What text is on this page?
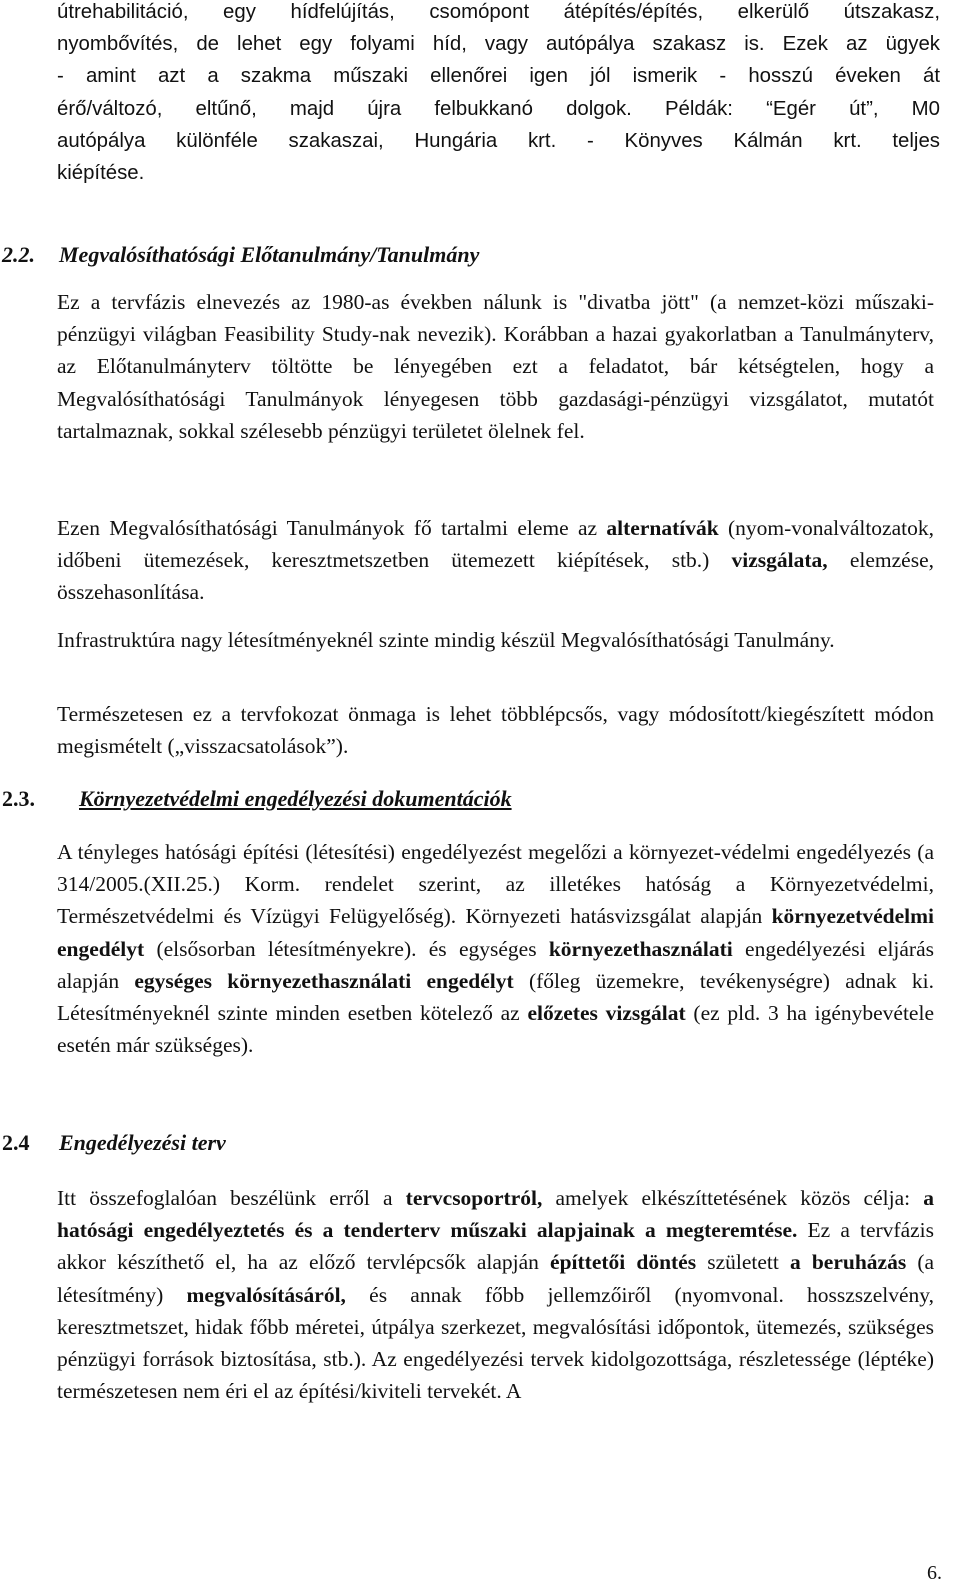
útrehabilitáció, egy hídfelújítás, csomópont átépítés/építés, elkerülő útszakasz,
nyombővítés, de lehet egy folyami híd, vagy autópálya szakasz is. Ezek az ügyek
- amint azt a szakma műszaki ellenőrei igen jól ismerik - hosszú éveken át
érő/változó, eltűnő, majd újra felbukkanó dolgok. Példák: “Egér út”, M0
autópálya különféle szakaszai, Hungária krt. - Könyves Kálmán krt. teljes
kiépítése.
2.2. Megvalósíthatósági Előtanulmány/Tanulmány

Ez a tervfázis elnevezés az 1980-as években nálunk is "divatba jött" (a nemzet-közi műszaki-pénzügyi világban Feasibility Study-nak nevezik). Korábban a hazai gyakorlatban a Tanulmányterv, az Előtanulmányterv töltötte be lényegében ezt a feladatot, bár kétségtelen, hogy a Megvalósíthatósági Tanulmányok lényegesen több gazdasági-pénzügyi vizsgálatot, mutatót tartalmaznak, sokkal szélesebb pénzügyi területet ölelnek fel.

Ezen Megvalósíthatósági Tanulmányok fő tartalmi eleme az alternatívák (nyom-vonalváltozatok, időbeni ütemezések, keresztmetszetben ütemezett kiépítések, stb.) vizsgálata, elemzése, összehasonlítása.

Infrastruktúra nagy létesítményeknél szinte mindig készül Megvalósíthatósági Tanulmány.

Természetesen ez a tervfokozat önmaga is lehet többlépcsős, vagy módosított/kiegészített módon megismételt („visszacsatolások”).

2.3. Környezetvédelmi engedélyezési dokumentációk

A tényleges hatósági építési (létesítési) engedélyezést megelőzi a környezet-védelmi engedélyezés (a 314/2005.(XII.25.) Korm. rendelet szerint, az illetékes hatóság a Környezetvédelmi, Természetvédelmi és Vízügyi Felügyelőség). Környezeti hatásvizsgálat alapján környezetvédelmi engedélyt (elsősorban létesítményekre). és egységes környezethasználati engedélyezési eljárás alapján egységes környezethasználati engedélyt (főleg üzemekre, tevékenységre) adnak ki. Létesítményeknél szinte minden esetben kötelező az előzetes vizsgálat (ez pld. 3 ha igénybevétele esetén már szükséges).

2.4 Engedélyezési terv

Itt összefoglalóan beszélünk erről a tervcsoportról, amelyek elkészíttetésének közös célja: a hatósági engedélyeztetés és a tenderterv műszaki alapjainak a megteremtése. Ez a tervfázis akkor készíthető el, ha az előző tervlépcsők alapján építtetői döntés született a beruházás (a létesítmény) megvalósításáról, és annak főbb jellemzőiről (nyomvonal. hosszszelvény, keresztmetszet, hidak főbb méretei, útpálya szerkezet, megvalósítási időpontok, ütemezés, szükséges pénzügyi források biztosítása, stb.). Az engedélyezési tervek kidolgozottsága, részletessége (léptéke) természetesen nem éri el az építési/kiviteli tervekét. A

6.
